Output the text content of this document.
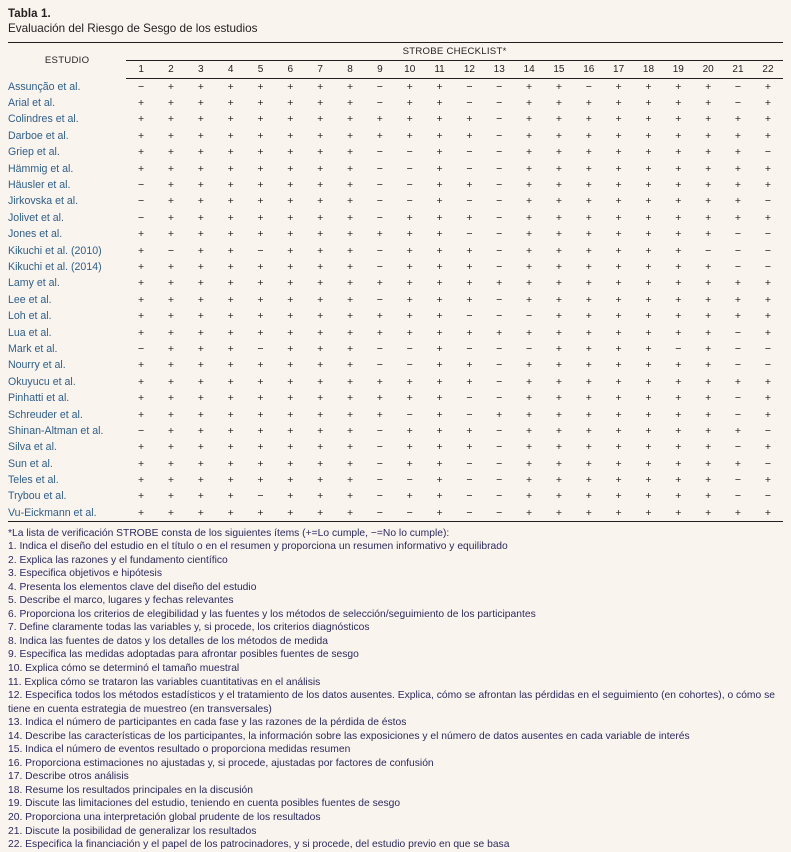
Tabla 1.
Evaluación del Riesgo de Sesgo de los estudios
ESTUDIO	STROBE CHECKLIST*																					
	1	2	3	4	5	6	7	8	9	10	11	12	13	14	15	16	17	18	19	20	21	22
Assunção et al.	−	+	+	+	+	+	+	+	−	+	+	−	−	+	+	−	+	+	+	+	−	+
Arial et al.	+	+	+	+	+	+	+	+	−	+	+	−	−	+	+	+	+	+	+	+	−	+
Colindres et al.	+	+	+	+	+	+	+	+	+	+	+	+	−	+	+	+	+	+	+	+	+	+
Darboe et al.	+	+	+	+	+	+	+	+	+	+	+	+	−	+	+	+	+	+	+	+	+	+
Griep et al.	+	+	+	+	+	+	+	+	−	−	+	−	−	+	+	+	+	+	+	+	+	−
Hämmig et al.	+	+	+	+	+	+	+	+	−	−	+	−	−	+	+	+	+	+	+	+	+	+
Häusler et al.	−	+	+	+	+	+	+	+	−	−	+	+	−	+	+	+	+	+	+	+	+	+
Jirkovska et al.	−	+	+	+	+	+	+	+	−	−	+	−	−	+	+	+	+	+	+	+	+	−
Jolivet et al.	−	+	+	+	+	+	+	+	−	+	+	+	−	+	+	+	+	+	+	+	+	+
Jones et al.	+	+	+	+	+	+	+	+	+	+	+	−	−	+	+	+	+	+	+	+	−	−
Kikuchi et al. (2010)	+	−	+	+	−	+	+	+	−	+	+	+	−	+	+	+	+	+	+	−	−	−
Kikuchi et al. (2014)	+	+	+	+	+	+	+	+	−	+	+	+	−	+	+	+	+	+	+	+	−	−
Lamy et al.	+	+	+	+	+	+	+	+	+	+	+	+	+	+	+	+	+	+	+	+	+	+
Lee et al.	+	+	+	+	+	+	+	+	−	+	+	+	−	+	+	+	+	+	+	+	+	+
Loh et al.	+	+	+	+	+	+	+	+	+	+	+	−	−	−	+	+	+	+	+	+	+	+
Lua et al.	+	+	+	+	+	+	+	+	+	+	+	+	+	+	+	+	+	+	+	+	−	+
Mark et al.	−	+	+	+	−	+	+	+	−	−	+	−	−	−	+	+	+	+	−	+	−	−
Nourry et al.	+	+	+	+	+	+	+	+	−	−	+	+	−	+	+	+	+	+	+	+	−	−
Okuyucu et al.	+	+	+	+	+	+	+	+	+	+	+	+	−	+	+	+	+	+	+	+	+	+
Pinhatti et al.	+	+	+	+	+	+	+	+	+	+	+	−	−	+	+	+	+	+	+	+	−	+
Schreuder et al.	+	+	+	+	+	+	+	+	+	−	+	−	+	+	+	+	+	+	+	+	−	+
Shinan-Altman et al.	−	+	+	+	+	+	+	+	−	+	+	+	−	+	+	+	+	+	+	+	+	−
Silva et al.	+	+	+	+	+	+	+	+	−	+	+	+	−	+	+	+	+	+	+	+	−	+
Sun et al.	+	+	+	+	+	+	+	+	−	+	+	−	−	+	+	+	+	+	+	+	+	−
Teles et al.	+	+	+	+	+	+	+	+	−	−	+	−	−	+	+	+	+	+	+	+	−	+
Trybou et al.	+	+	+	+	−	+	+	+	−	+	+	−	−	+	+	+	+	+	+	+	−	−
Vu-Eickmann et al.	+	+	+	+	+	+	+	+	−	−	+	−	−	+	+	+	+	+	+	+	+	+
*La lista de verificación STROBE consta de los siguientes ítems (+=Lo cumple, −=No lo cumple):
1. Indica el diseño del estudio en el título o en el resumen y proporciona un resumen informativo y equilibrado
2. Explica las razones y el fundamento científico
3. Especifica objetivos e hipótesis
4. Presenta los elementos clave del diseño del estudio
5. Describe el marco, lugares y fechas relevantes
6. Proporciona los criterios de elegibilidad y las fuentes y los métodos de selección/seguimiento de los participantes
7. Define claramente todas las variables y, si procede, los criterios diagnósticos
8. Indica las fuentes de datos y los detalles de los métodos de medida
9. Especifica las medidas adoptadas para afrontar posibles fuentes de sesgo
10. Explica cómo se determinó el tamaño muestral
11. Explica cómo se trataron las variables cuantitativas en el análisis
12. Especifica todos los métodos estadísticos y el tratamiento de los datos ausentes. Explica, cómo se afrontan las pérdidas en el seguimiento (en cohortes), o cómo se tiene en cuenta estrategia de muestreo (en transversales)
13. Indica el número de participantes en cada fase y las razones de la pérdida de éstos
14. Describe las características de los participantes, la información sobre las exposiciones y el número de datos ausentes en cada variable de interés
15. Indica el número de eventos resultado o proporciona medidas resumen
16. Proporciona estimaciones no ajustadas y, si procede, ajustadas por factores de confusión
17. Describe otros análisis
18. Resume los resultados principales en la discusión
19. Discute las limitaciones del estudio, teniendo en cuenta posibles fuentes de sesgo
20. Proporciona una interpretación global prudente de los resultados
21. Discute la posibilidad de generalizar los resultados
22. Especifica la financiación y el papel de los patrocinadores, y si procede, del estudio previo en que se basa
